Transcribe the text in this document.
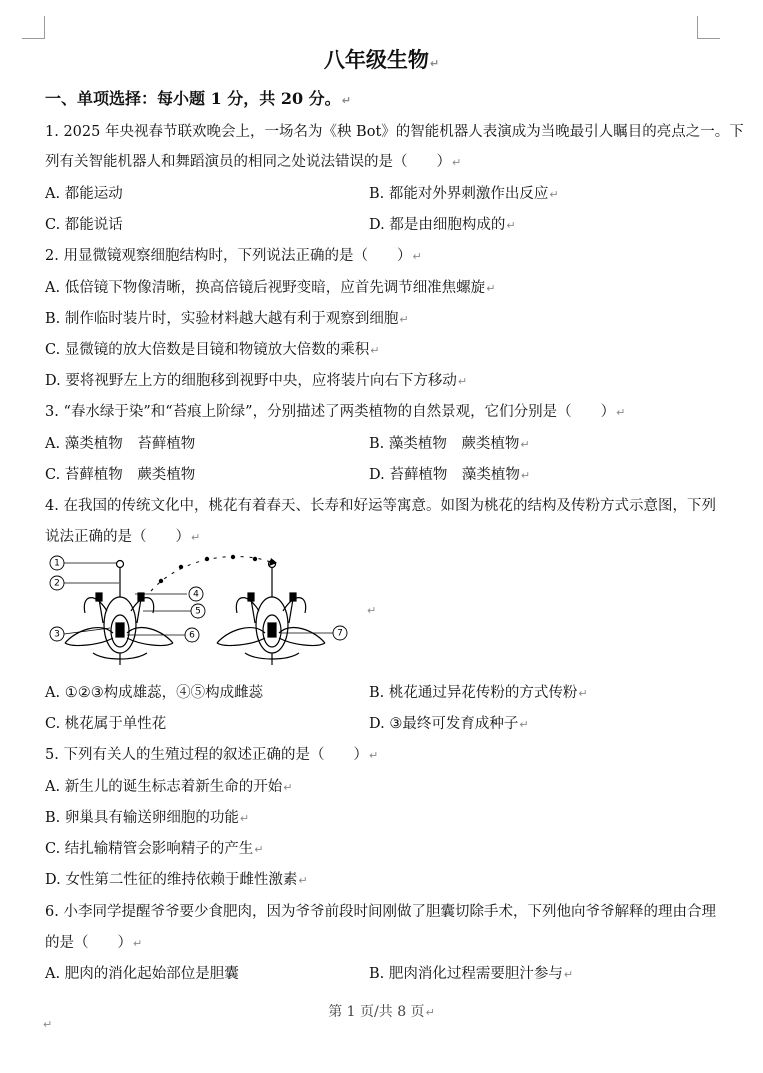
八年级生物↵
一、单项选择：每小题 1 分，共 20 分。↵
1. 2025 年央视春节联欢晚会上，一场名为《秧 Bot》的智能机器人表演成为当晚最引人瞩目的亮点之一。下
列有关智能机器人和舞蹈演员的相同之处说法错误的是（　　）↵
A. 都能运动	B. 都能对外界刺激作出反应↵
C. 都能说话	D. 都是由细胞构成的↵
2. 用显微镜观察细胞结构时，下列说法正确的是（　　）↵
A. 低倍镜下物像清晰，换高倍镜后视野变暗，应首先调节细准焦螺旋↵
B. 制作临时装片时，实验材料越大越有利于观察到细胞↵
C. 显微镜的放大倍数是目镜和物镜放大倍数的乘积↵
D. 要将视野左上方的细胞移到视野中央，应将装片向右下方移动↵
3. “春水绿于染”和“苔痕上阶绿”，分别描述了两类植物的自然景观，它们分别是（　　）↵
A. 藻类植物　苔藓植物	B. 藻类植物　蕨类植物↵
C. 苔藓植物　蕨类植物	D. 苔藓植物　藻类植物↵
4. 在我国的传统文化中，桃花有着春天、长寿和好运等寓意。如图为桃花的结构及传粉方式示意图，下列
说法正确的是（　　）↵
1
2
3
4
5
6	7
↵
A. ①②③构成雄蕊，④⑤构成雌蕊	B. 桃花通过异花传粉的方式传粉↵
C. 桃花属于单性花	D. ③最终可发育成种子↵
5. 下列有关人的生殖过程的叙述正确的是（　　）↵
A. 新生儿的诞生标志着新生命的开始↵
B. 卵巢具有输送卵细胞的功能↵
C. 结扎输精管会影响精子的产生↵
D. 女性第二性征的维持依赖于雌性激素↵
6. 小李同学提醒爷爷要少食肥肉，因为爷爷前段时间刚做了胆囊切除手术，下列他向爷爷解释的理由合理
的是（　　）↵
A. 肥肉的消化起始部位是胆囊	B. 肥肉消化过程需要胆汁参与↵
第 1 页/共 8 页↵
↵
